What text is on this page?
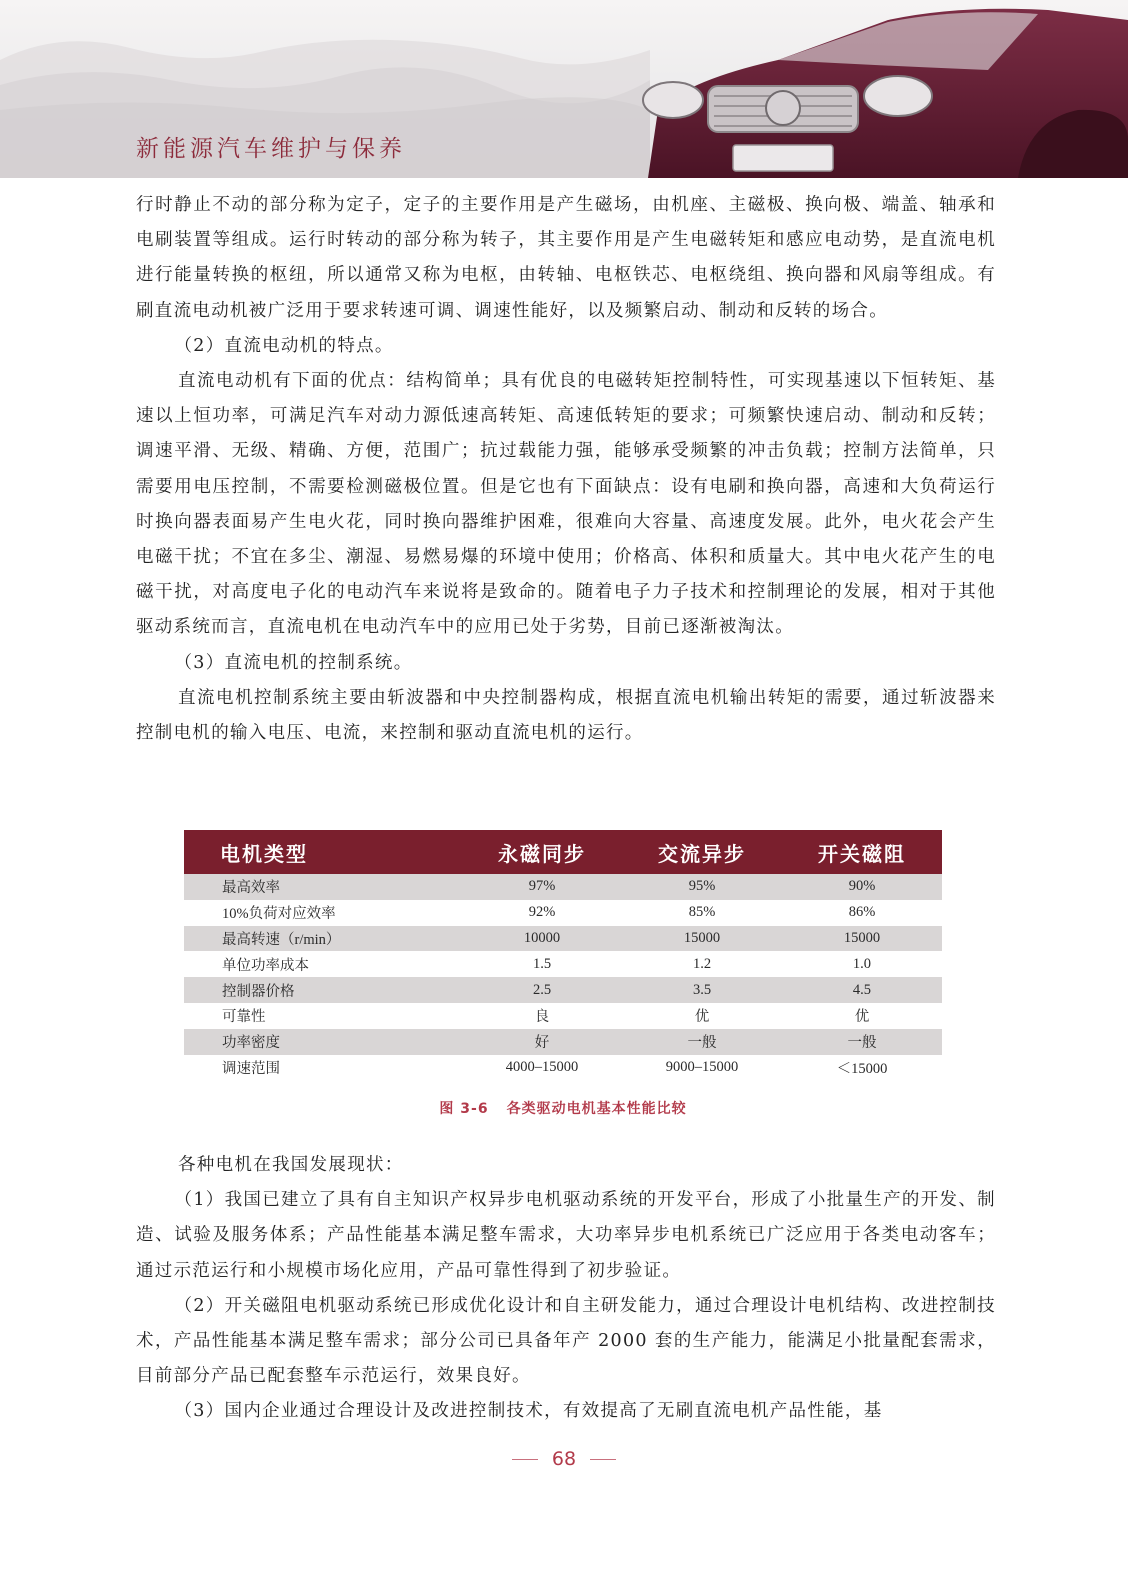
新能源汽车维护与保养

行时静止不动的部分称为定子，定子的主要作用是产生磁场，由机座、主磁极、换向极、端盖、轴承和电刷装置等组成。运行时转动的部分称为转子，其主要作用是产生电磁转矩和感应电动势，是直流电机进行能量转换的枢纽，所以通常又称为电枢，由转轴、电枢铁芯、电枢绕组、换向器和风扇等组成。有刷直流电动机被广泛用于要求转速可调、调速性能好，以及频繁启动、制动和反转的场合。

（2）直流电动机的特点。

直流电动机有下面的优点：结构简单；具有优良的电磁转矩控制特性，可实现基速以下恒转矩、基速以上恒功率，可满足汽车对动力源低速高转矩、高速低转矩的要求；可频繁快速启动、制动和反转；调速平滑、无级、精确、方便，范围广；抗过载能力强，能够承受频繁的冲击负载；控制方法简单，只需要用电压控制，不需要检测磁极位置。但是它也有下面缺点：设有电刷和换向器，高速和大负荷运行时换向器表面易产生电火花，同时换向器维护困难，很难向大容量、高速度发展。此外，电火花会产生电磁干扰；不宜在多尘、潮湿、易燃易爆的环境中使用；价格高、体积和质量大。其中电火花产生的电磁干扰，对高度电子化的电动汽车来说将是致命的。随着电子力子技术和控制理论的发展，相对于其他驱动系统而言，直流电机在电动汽车中的应用已处于劣势，目前已逐渐被淘汰。

（3）直流电机的控制系统。

直流电机控制系统主要由斩波器和中央控制器构成，根据直流电机输出转矩的需要，通过斩波器来控制电机的输入电压、电流，来控制和驱动直流电机的运行。

电机类型	永磁同步	交流异步	开关磁阻
最高效率	97%	95%	90%
10%负荷对应效率	92%	85%	86%
最高转速（r/min）	10000	15000	15000
单位功率成本	1.5	1.2	1.0
控制器价格	2.5	3.5	4.5
可靠性	良	优	优
功率密度	好	一般	一般
调速范围	4000–15000	9000–15000	＜15000
图 3-6 各类驱动电机基本性能比较

各种电机在我国发展现状：

（1）我国已建立了具有自主知识产权异步电机驱动系统的开发平台，形成了小批量生产的开发、制造、试验及服务体系；产品性能基本满足整车需求，大功率异步电机系统已广泛应用于各类电动客车；通过示范运行和小规模市场化应用，产品可靠性得到了初步验证。

（2）开关磁阻电机驱动系统已形成优化设计和自主研发能力，通过合理设计电机结构、改进控制技术，产品性能基本满足整车需求；部分公司已具备年产 2000 套的生产能力，能满足小批量配套需求，目前部分产品已配套整车示范运行，效果良好。

（3）国内企业通过合理设计及改进控制技术，有效提高了无刷直流电机产品性能，基

68
